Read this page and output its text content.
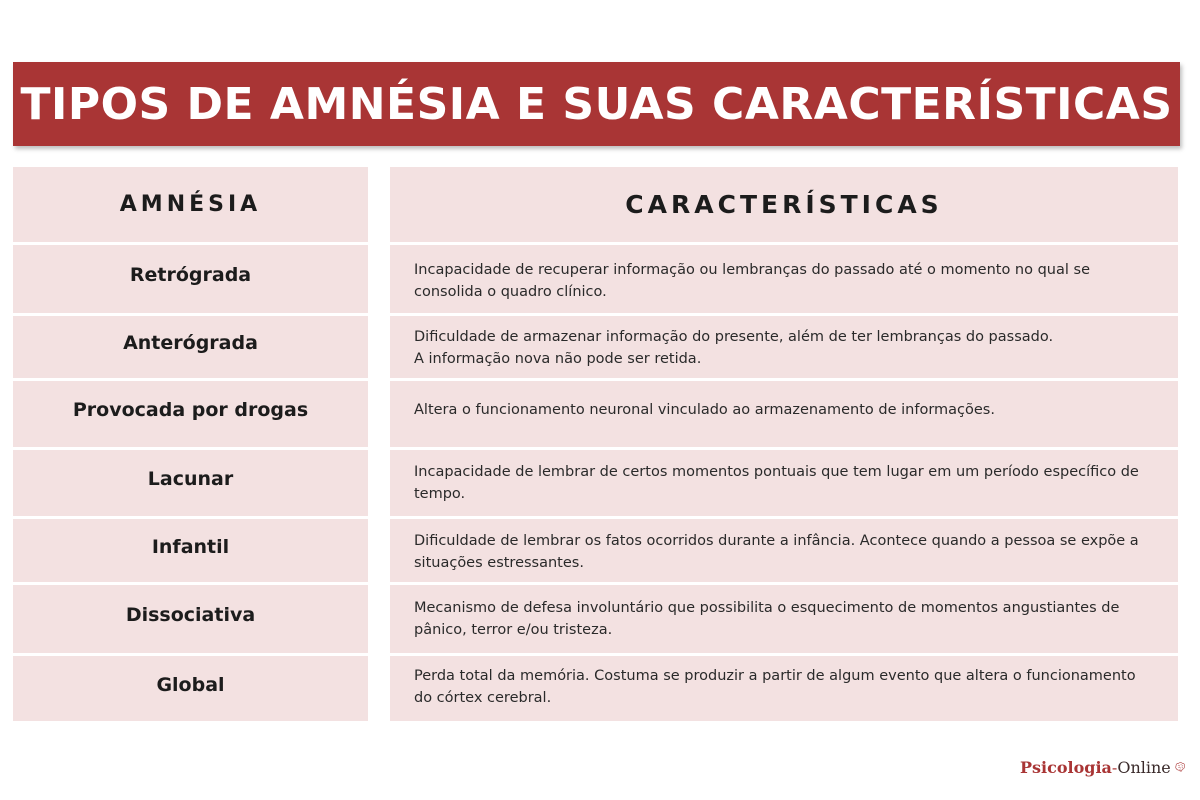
TIPOS DE AMNÉSIA E SUAS CARACTERÍSTICAS
AMNÉSIA
Retrógrada
Anterógrada
Provocada por drogas
Lacunar
Infantil
Dissociativa
Global
CARACTERÍSTICAS

Incapacidade de recuperar informação ou lembranças do passado até o momento no qual se
consolida o quadro clínico.

Dificuldade de armazenar informação do presente, além de ter lembranças do passado.
A informação nova não pode ser retida.

Altera o funcionamento neuronal vinculado ao armazenamento de informações.

Incapacidade de lembrar de certos momentos pontuais que tem lugar em um período específico de
tempo.

Dificuldade de lembrar os fatos ocorridos durante a infância. Acontece quando a pessoa se expõe a
situações estressantes.

Mecanismo de defesa involuntário que possibilita o esquecimento de momentos angustiantes de
pânico, terror e/ou tristeza.

Perda total da memória. Costuma se produzir a partir de algum evento que altera o funcionamento
do córtex cerebral.

Psicologia-Online
